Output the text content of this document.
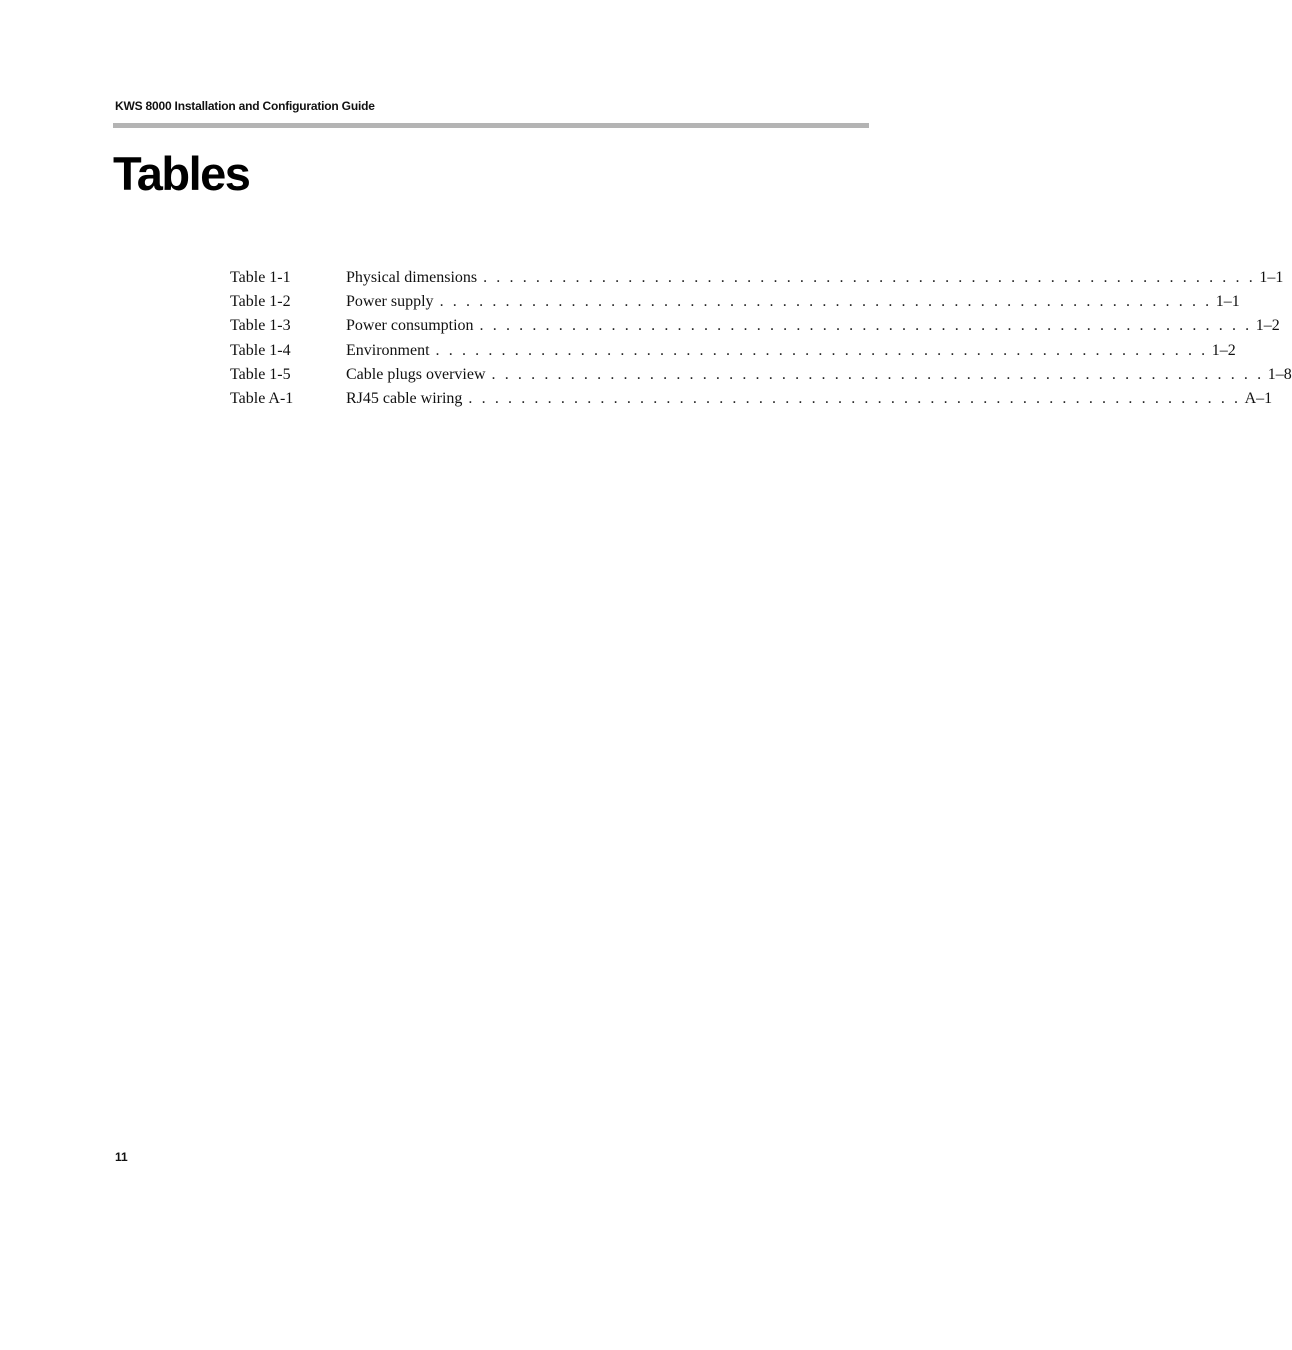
KWS 8000 Installation and Configuration Guide
Tables
Table 1-1	Physical dimensions . . . . . . . . . . . . . . . . . . . . . . . . . . . . . . . . . . . . . . . . . . . . . . . . . . . . . . . . . . . 1–1
Table 1-2	Power supply . . . . . . . . . . . . . . . . . . . . . . . . . . . . . . . . . . . . . . . . . . . . . . . . . . . . . . . . . . . 1–1
Table 1-3	Power consumption . . . . . . . . . . . . . . . . . . . . . . . . . . . . . . . . . . . . . . . . . . . . . . . . . . . . . . . . . . . 1–2
Table 1-4	Environment . . . . . . . . . . . . . . . . . . . . . . . . . . . . . . . . . . . . . . . . . . . . . . . . . . . . . . . . . . . 1–2
Table 1-5	Cable plugs overview . . . . . . . . . . . . . . . . . . . . . . . . . . . . . . . . . . . . . . . . . . . . . . . . . . . . . . . . . . . 1–8
Table A-1	RJ45 cable wiring . . . . . . . . . . . . . . . . . . . . . . . . . . . . . . . . . . . . . . . . . . . . . . . . . . . . . . . . . . . A–1
11
